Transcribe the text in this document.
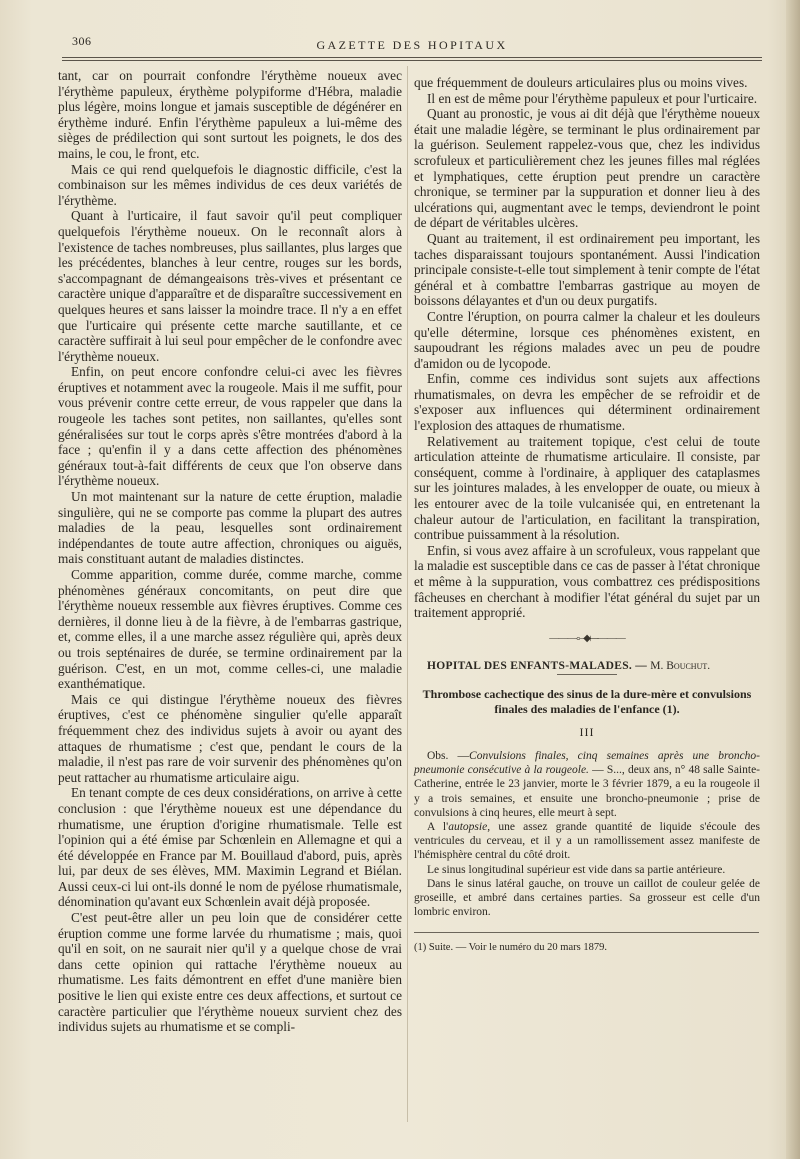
306	GAZETTE DES HOPITAUX

tant, car on pourrait confondre l'érythème noueux avec l'érythème papuleux, érythème polypiforme d'Hébra, maladie plus légère, moins longue et jamais susceptible de dégénérer en érythème induré. Enfin l'érythème papuleux a lui-même des sièges de prédilection qui sont surtout les poignets, le dos des mains, le cou, le front, etc.

Mais ce qui rend quelquefois le diagnostic difficile, c'est la combinaison sur les mêmes individus de ces deux variétés de l'érythème.

Quant à l'urticaire, il faut savoir qu'il peut compliquer quelquefois l'érythème noueux. On le reconnaît alors à l'existence de taches nombreuses, plus saillantes, plus larges que les précédentes, blanches à leur centre, rouges sur les bords, s'accompagnant de démangeaisons très-vives et présentant ce caractère unique d'apparaître et de disparaître successivement en quelques heures et sans laisser la moindre trace. Il n'y a en effet que l'urticaire qui présente cette marche sautillante, et ce caractère suffirait à lui seul pour empêcher de le confondre avec l'érythème noueux.

Enfin, on peut encore confondre celui-ci avec les fièvres éruptives et notamment avec la rougeole. Mais il me suffit, pour vous prévenir contre cette erreur, de vous rappeler que dans la rougeole les taches sont petites, non saillantes, qu'elles sont généralisées sur tout le corps après s'être montrées d'abord à la face ; qu'enfin il y a dans cette affection des phénomènes généraux tout-à-fait différents de ceux que l'on observe dans l'érythème noueux.

Un mot maintenant sur la nature de cette éruption, maladie singulière, qui ne se comporte pas comme la plupart des autres maladies de la peau, lesquelles sont ordinairement indépendantes de toute autre affection, chroniques ou aiguës, mais constituant autant de maladies distinctes.

Comme apparition, comme durée, comme marche, comme phénomènes généraux concomitants, on peut dire que l'érythème noueux ressemble aux fièvres éruptives. Comme ces dernières, il donne lieu à de la fièvre, à de l'embarras gastrique, et, comme elles, il a une marche assez régulière qui, après deux ou trois septénaires de durée, se termine ordinairement par la guérison. C'est, en un mot, comme celles-ci, une maladie exanthématique.

Mais ce qui distingue l'érythème noueux des fièvres éruptives, c'est ce phénomène singulier qu'elle apparaît fréquemment chez des individus sujets à avoir ou ayant des attaques de rhumatisme ; c'est que, pendant le cours de la maladie, il n'est pas rare de voir survenir des phénomènes qu'on peut rattacher au rhumatisme articulaire aigu.

En tenant compte de ces deux considérations, on arrive à cette conclusion : que l'érythème noueux est une dépendance du rhumatisme, une éruption d'origine rhumatismale. Telle est l'opinion qui a été émise par Schœnlein en Allemagne et qui a été développée en France par M. Bouillaud d'abord, puis, après lui, par deux de ses élèves, MM. Maximin Legrand et Biélan. Aussi ceux-ci lui ont-ils donné le nom de pyélose rhumatismale, dénomination qu'avant eux Schœnlein avait déjà proposée.

C'est peut-être aller un peu loin que de considérer cette éruption comme une forme larvée du rhumatisme ; mais, quoi qu'il en soit, on ne saurait nier qu'il y a quelque chose de vrai dans cette opinion qui rattache l'érythème noueux au rhumatisme. Les faits démontrent en effet d'une manière bien positive le lien qui existe entre ces deux affections, et surtout ce caractère particulier que l'érythème noueux survient chez des individus sujets au rhumatisme et se compli-

que fréquemment de douleurs articulaires plus ou moins vives.

Il en est de même pour l'érythème papuleux et pour l'urticaire.

Quant au pronostic, je vous ai dit déjà que l'érythème noueux était une maladie légère, se terminant le plus ordinairement par la guérison. Seulement rappelez-vous que, chez les individus scrofuleux et particulièrement chez les jeunes filles mal réglées et lymphatiques, cette éruption peut prendre un caractère chronique, se terminer par la suppuration et donner lieu à des ulcérations qui, augmentant avec le temps, deviendront le point de départ de véritables ulcères.

Quant au traitement, il est ordinairement peu important, les taches disparaissant toujours spontanément. Aussi l'indication principale consiste-t-elle tout simplement à tenir compte de l'état général et à combattre l'embarras gastrique au moyen de boissons délayantes et d'un ou deux purgatifs.

Contre l'éruption, on pourra calmer la chaleur et les douleurs qu'elle détermine, lorsque ces phénomènes existent, en saupoudrant les régions malades avec un peu de poudre d'amidon ou de lycopode.

Enfin, comme ces individus sont sujets aux affections rhumatismales, on devra les empêcher de se refroidir et de s'exposer aux influences qui déterminent ordinairement l'explosion des attaques de rhumatisme.

Relativement au traitement topique, c'est celui de toute articulation atteinte de rhumatisme articulaire. Il consiste, par conséquent, comme à l'ordinaire, à appliquer des cataplasmes sur les jointures malades, à les envelopper de ouate, ou mieux à les entourer avec de la toile vulcanisée qui, en entretenant la chaleur autour de l'articulation, en facilitant la transpiration, contribue puissamment à la résolution.

Enfin, si vous avez affaire à un scrofuleux, vous rappelant que la maladie est susceptible dans ce cas de passer à l'état chronique et même à la suppuration, vous combattrez ces prédispositions fâcheuses en cherchant à modifier l'état général du sujet par un traitement approprié.

———⟜◆⟝———

HOPITAL DES ENFANTS-MALADES. — M. Bouchut.

Thrombose cachectique des sinus de la dure-mère et convulsions finales des maladies de l'enfance (1).
III

Obs. —Convulsions finales, cinq semaines après une broncho-pneumonie consécutive à la rougeole. — S..., deux ans, n° 48 salle Sainte-Catherine, entrée le 23 janvier, morte le 3 février 1879, a eu la rougeole il y a trois semaines, et ensuite une broncho-pneumonie ; prise de convulsions à cinq heures, elle meurt à sept.

A l'autopsie, une assez grande quantité de liquide s'écoule des ventricules du cerveau, et il y a un ramollissement assez manifeste de l'hémisphère central du côté droit.

Le sinus longitudinal supérieur est vide dans sa partie antérieure.

Dans le sinus latéral gauche, on trouve un caillot de couleur gelée de groseille, et ambré dans certaines parties. Sa grosseur est celle d'un lombric environ.

(1) Suite. — Voir le numéro du 20 mars 1879.
